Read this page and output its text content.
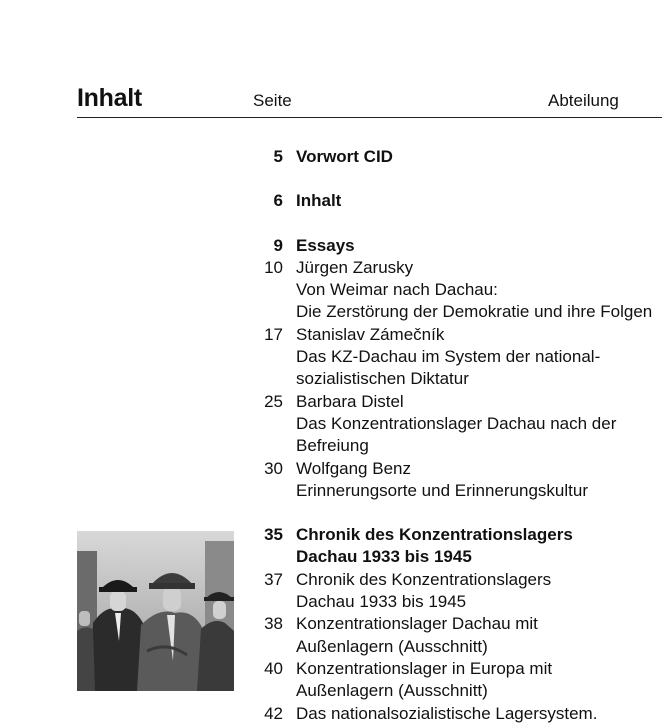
Inhalt	Seite	Abteilung
5 Vorwort CID
6 Inhalt
9 Essays
10 Jürgen Zarusky
Von Weimar nach Dachau:
Die Zerstörung der Demokratie und ihre Folgen
17 Stanislav Zámečník
Das KZ-Dachau im System der national-
sozialistischen Diktatur
25 Barbara Distel
Das Konzentrationslager Dachau nach der
Befreiung
30 Wolfgang Benz
Erinnerungsorte und Erinnerungskultur
35 Chronik des Konzentrationslagers
Dachau 1933 bis 1945
37 Chronik des Konzentrationslagers
Dachau 1933 bis 1945
38 Konzentrationslager Dachau mit
Außenlagern (Ausschnitt)
40 Konzentrationslager in Europa mit
Außenlagern (Ausschnitt)
42 Das nationalsozialistische Lagersystem.
